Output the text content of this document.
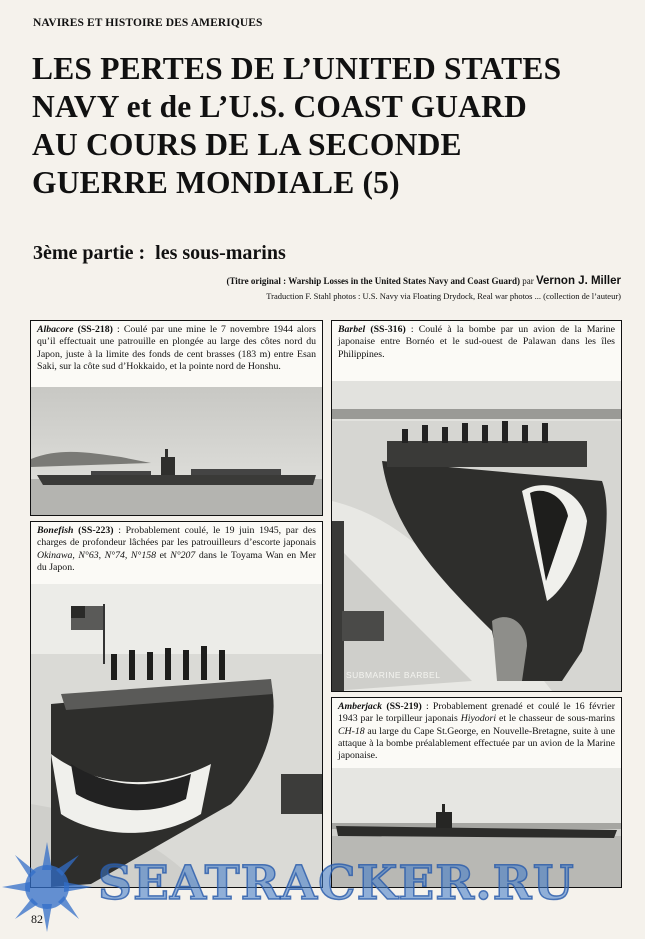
NAVIRES ET HISTOIRE DES AMERIQUES
LES PERTES DE L’UNITED STATES
NAVY et de L’U.S. COAST GUARD
AU COURS DE LA SECONDE
GUERRE MONDIALE (5)
3ème partie :  les sous-marins
(Titre original : Warship Losses in the United States Navy and Coast Guard) par Vernon J. Miller
Traduction F. Stahl photos : U.S. Navy via Floating Drydock, Real war photos ... (collection de l’auteur)
Albacore (SS-218) : Coulé par une mine le 7 novembre 1944 alors qu’il effectuait une patrouille en plongée au large des côtes nord du Japon, juste à la limite des fonds de cent brasses (183 m) entre Esan Saki, sur la côte sud d’Hokkaido, et la pointe nord de Honshu.
Barbel (SS-316) : Coulé à la bombe par un avion de la Marine japonaise entre Bornéo et le sud-ouest de Palawan dans les îles Philippines.
SUBMARINE BARBEL
Bonefish (SS-223) : Probablement coulé, le 19 juin 1945, par des charges de profondeur lâchées par les patrouilleurs d’escorte japonais Okinawa, N°63, N°74, N°158 et N°207 dans le Toyama Wan en Mer du Japon.
Amberjack (SS-219) : Probablement grenadé et coulé le 16 février 1943 par le torpilleur japonais Hiyodori et le chasseur de sous-marins CH-18 au large du Cape St.George, en Nouvelle-Bretagne, suite à une attaque à la bombe préalablement effectuée par un avion de la Marine japonaise.
82
SEATRACKER.RU
